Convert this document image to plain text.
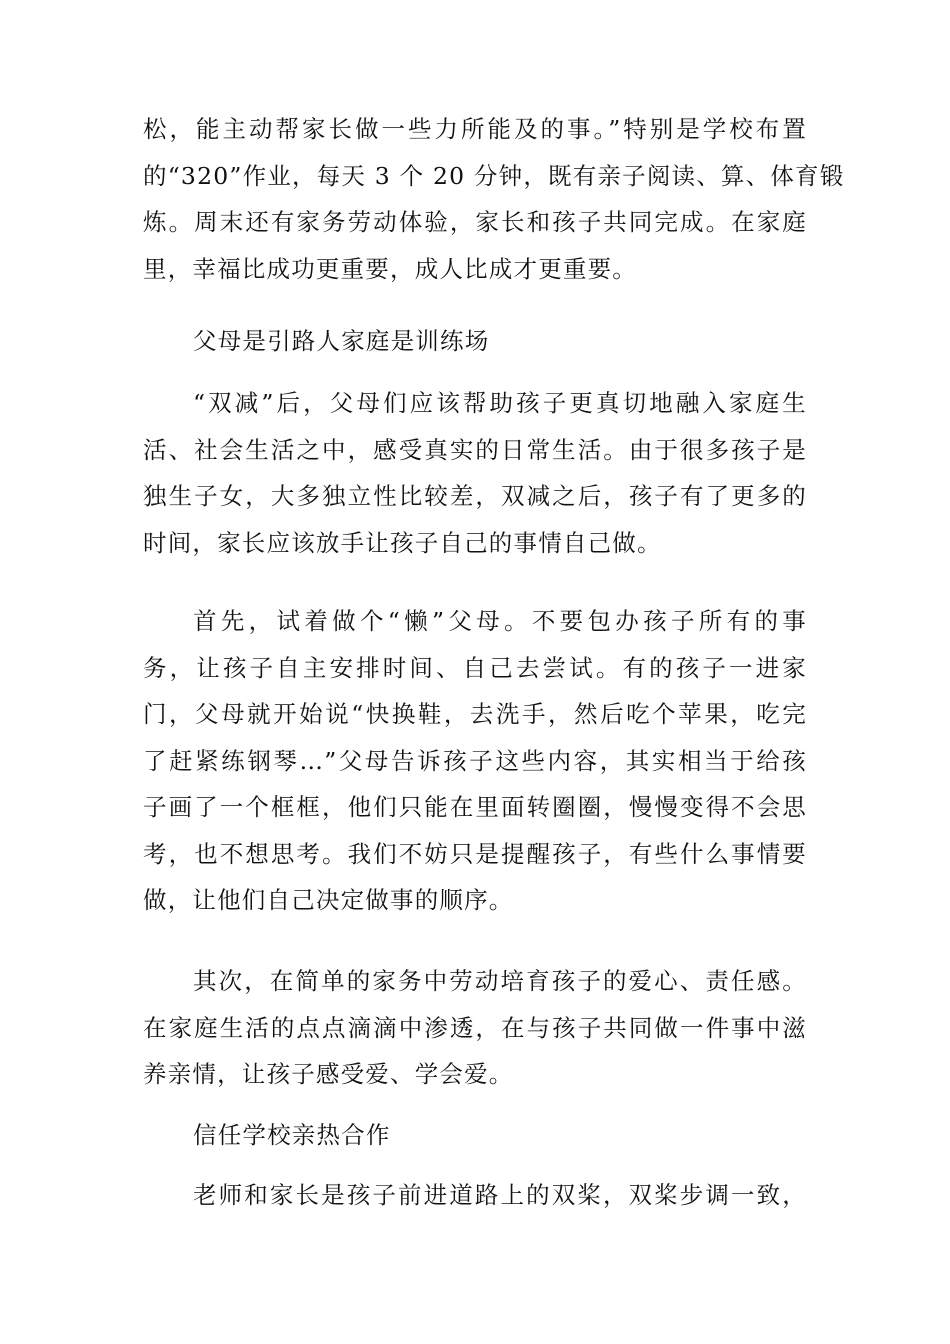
松，能主动帮家长做一些力所能及的事。”特别是学校布置
的“320”作业，每天 3 个 20 分钟，既有亲子阅读、算、体育锻
炼。周末还有家务劳动体验，家长和孩子共同完成。在家庭
里，幸福比成功更重要，成人比成才更重要。
父母是引路人家庭是训练场
“双减”后，父母们应该帮助孩子更真切地融入家庭生
活、社会生活之中，感受真实的日常生活。由于很多孩子是
独生子女，大多独立性比较差，双减之后，孩子有了更多的
时间，家长应该放手让孩子自己的事情自己做。
首先，试着做个“懒”父母。不要包办孩子所有的事
务，让孩子自主安排时间、自己去尝试。有的孩子一进家
门，父母就开始说“快换鞋，去洗手，然后吃个苹果，吃完
了赶紧练钢琴…”父母告诉孩子这些内容，其实相当于给孩
子画了一个框框，他们只能在里面转圈圈，慢慢变得不会思
考，也不想思考。我们不妨只是提醒孩子，有些什么事情要
做，让他们自己决定做事的顺序。
其次，在简单的家务中劳动培育孩子的爱心、责任感。
在家庭生活的点点滴滴中渗透，在与孩子共同做一件事中滋
养亲情，让孩子感受爱、学会爱。
信任学校亲热合作
老师和家长是孩子前进道路上的双桨，双桨步调一致，
